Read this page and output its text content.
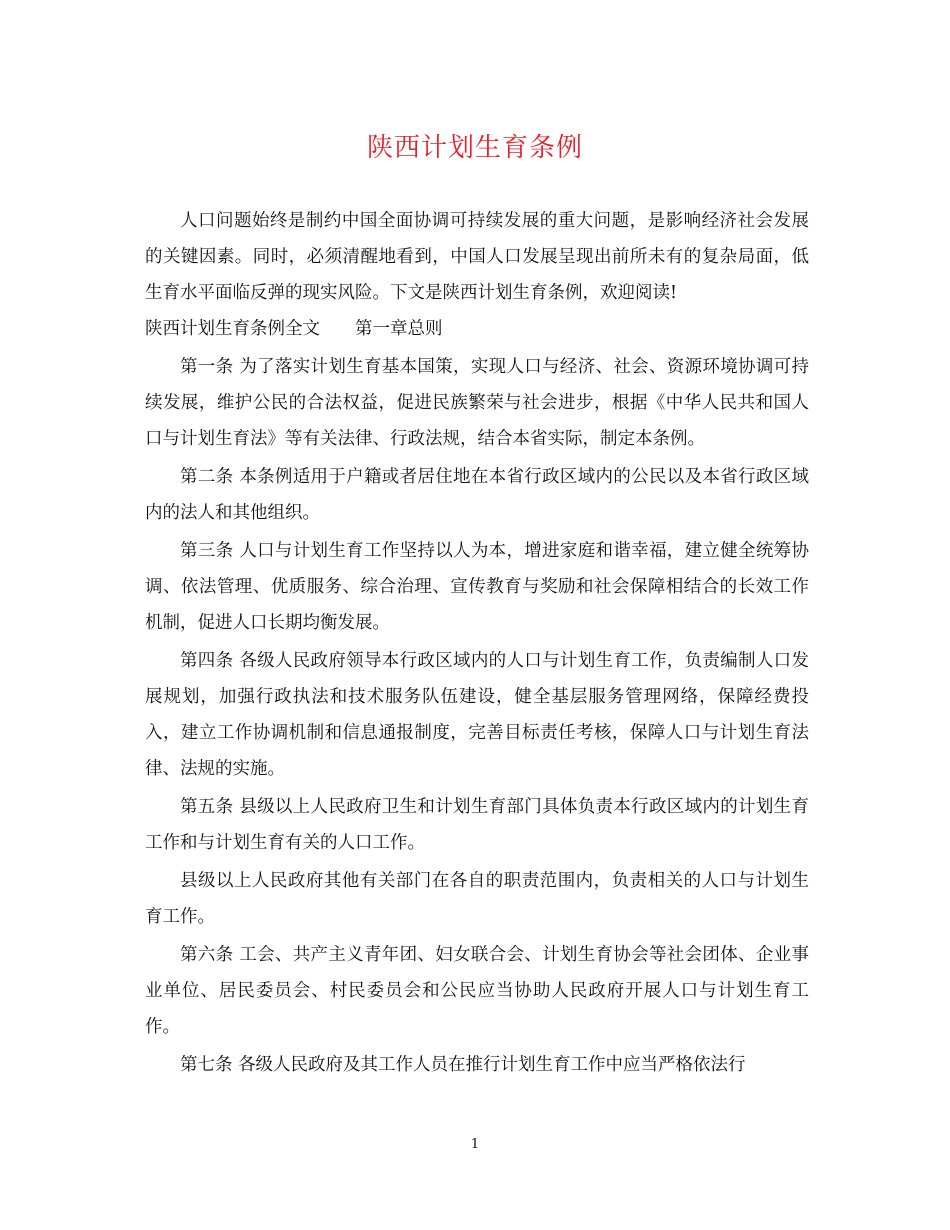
陕西计划生育条例

人口问题始终是制约中国全面协调可持续发展的重大问题，是影响经济社会发展的关键因素。同时，必须清醒地看到，中国人口发展呈现出前所未有的复杂局面，低生育水平面临反弹的现实风险。下文是陕西计划生育条例，欢迎阅读!

陕西计划生育条例全文　　第一章总则

第一条 为了落实计划生育基本国策，实现人口与经济、社会、资源环境协调可持续发展，维护公民的合法权益，促进民族繁荣与社会进步，根据《中华人民共和国人口与计划生育法》等有关法律、行政法规，结合本省实际，制定本条例。

第二条 本条例适用于户籍或者居住地在本省行政区域内的公民以及本省行政区域内的法人和其他组织。

第三条 人口与计划生育工作坚持以人为本，增进家庭和谐幸福，建立健全统筹协调、依法管理、优质服务、综合治理、宣传教育与奖励和社会保障相结合的长效工作机制，促进人口长期均衡发展。

第四条 各级人民政府领导本行政区域内的人口与计划生育工作，负责编制人口发展规划，加强行政执法和技术服务队伍建设，健全基层服务管理网络，保障经费投入，建立工作协调机制和信息通报制度，完善目标责任考核，保障人口与计划生育法律、法规的实施。

第五条 县级以上人民政府卫生和计划生育部门具体负责本行政区域内的计划生育工作和与计划生育有关的人口工作。

县级以上人民政府其他有关部门在各自的职责范围内，负责相关的人口与计划生育工作。

第六条 工会、共产主义青年团、妇女联合会、计划生育协会等社会团体、企业事业单位、居民委员会、村民委员会和公民应当协助人民政府开展人口与计划生育工作。

第七条 各级人民政府及其工作人员在推行计划生育工作中应当严格依法行

1
